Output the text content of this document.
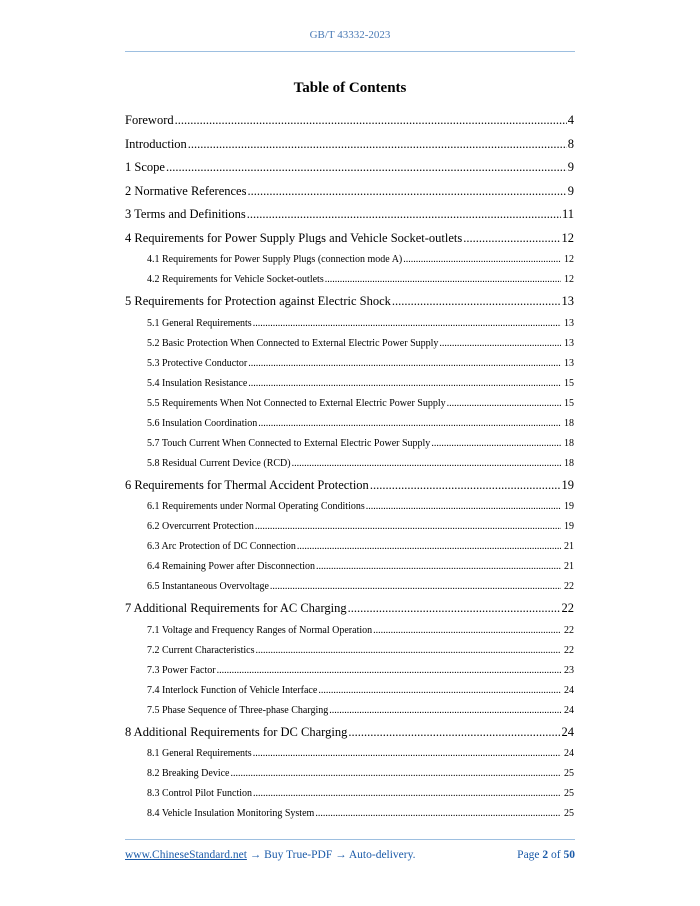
GB/T 43332-2023
Table of Contents
Foreword .....	4
Introduction .....	8
1 Scope .....	9
2 Normative References .....	9
3 Terms and Definitions .....	11
4 Requirements for Power Supply Plugs and Vehicle Socket-outlets .....	12
4.1 Requirements for Power Supply Plugs (connection mode A) .....	12
4.2 Requirements for Vehicle Socket-outlets .....	12
5 Requirements for Protection against Electric Shock .....	13
5.1 General Requirements .....	13
5.2 Basic Protection When Connected to External Electric Power Supply .....	13
5.3 Protective Conductor .....	13
5.4 Insulation Resistance .....	15
5.5 Requirements When Not Connected to External Electric Power Supply .....	15
5.6 Insulation Coordination .....	18
5.7 Touch Current When Connected to External Electric Power Supply .....	18
5.8 Residual Current Device (RCD) .....	18
6 Requirements for Thermal Accident Protection .....	19
6.1 Requirements under Normal Operating Conditions .....	19
6.2 Overcurrent Protection .....	19
6.3 Arc Protection of DC Connection .....	21
6.4 Remaining Power after Disconnection .....	21
6.5 Instantaneous Overvoltage .....	22
7 Additional Requirements for AC Charging .....	22
7.1 Voltage and Frequency Ranges of Normal Operation .....	22
7.2 Current Characteristics .....	22
7.3 Power Factor .....	23
7.4 Interlock Function of Vehicle Interface .....	24
7.5 Phase Sequence of Three-phase Charging .....	24
8 Additional Requirements for DC Charging .....	24
8.1 General Requirements .....	24
8.2 Breaking Device .....	25
8.3 Control Pilot Function .....	25
8.4 Vehicle Insulation Monitoring System .....	25
www.ChineseStandard.net → Buy True-PDF → Auto-delivery.	Page 2 of 50
